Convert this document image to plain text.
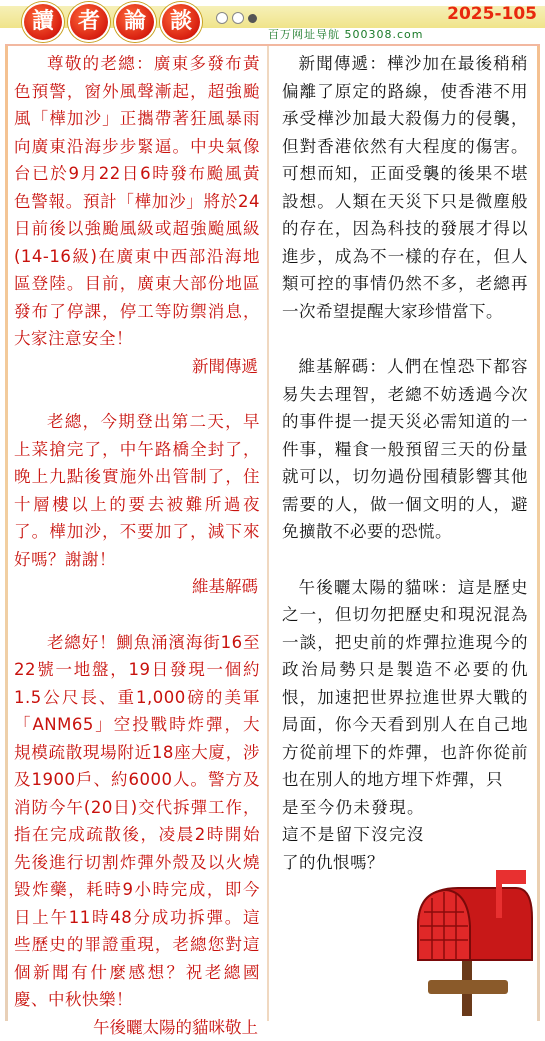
讀	者	論	談	2025-105
百万网址导航 500308.com

尊敬的老總：廣東多發布黃色預警，窗外風聲漸起，超強颱風「樺加沙」正攜帶著狂風暴雨向廣東沿海步步緊逼。中央氣像台已於9月22日6時發布颱風黃色警報。預計「樺加沙」將於24日前後以強颱風級或超強颱風級(14-16級)在廣東中西部沿海地區登陸。目前，廣東大部份地區發布了停課，停工等防禦消息，大家注意安全！

新聞傳遞

老總，今期登出第二天，早上菜搶完了，中午路橋全封了，晚上九點後實施外出管制了，住十層樓以上的要去被難所過夜了。樺加沙，不要加了，減下來好嗎？謝謝！

維基解碼

老總好！鰂魚涌濱海街16至22號一地盤，19日發現一個約1.5公尺長、重1,000磅的美軍「ANM65」空投戰時炸彈，大規模疏散現場附近18座大廈，涉及1900戶、約6000人。警方及消防今午(20日)交代拆彈工作，指在完成疏散後，凌晨2時開始先後進行切割炸彈外殼及以火燒毀炸藥，耗時9小時完成，即今日上午11時48分成功拆彈。這些歷史的罪證重現，老總您對這個新聞有什麼感想？祝老總國慶、中秋快樂！

午後曬太陽的貓咪敬上

新聞傳遞：樺沙加在最後稍稍偏離了原定的路線，使香港不用承受樺沙加最大殺傷力的侵襲，但對香港依然有大程度的傷害。可想而知，正面受襲的後果不堪設想。人類在天災下只是微塵般的存在，因為科技的發展才得以進步，成為不一樣的存在，但人類可控的事情仍然不多，老總再一次希望提醒大家珍惜當下。

維基解碼：人們在惶恐下都容易失去理智，老總不妨透過今次的事件提一提天災必需知道的一件事，糧食一般預留三天的份量就可以，切勿過份囤積影響其他需要的人，做一個文明的人，避免擴散不必要的恐慌。

午後曬太陽的貓咪：這是歷史之一，但切勿把歷史和現況混為一談，把史前的炸彈拉進現今的政治局勢只是製造不必要的仇恨，加速把世界拉進世界大戰的局面，你今天看到別人在自己地方從前埋下的炸彈，也許你從前也在別人的地方埋下炸彈，只

是至今仍未發現。這不是留下沒完沒了的仇恨嗎？
